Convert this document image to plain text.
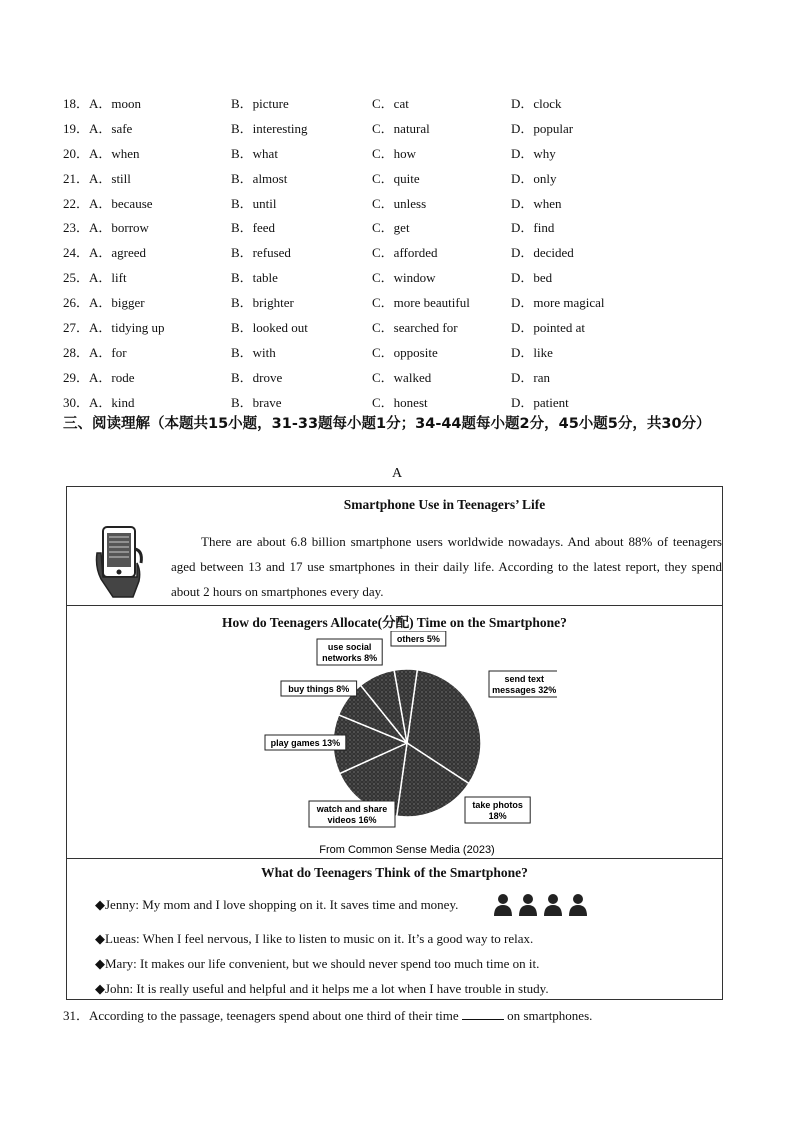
18．A．moon	B．picture	C．cat	D．clock
19．A．safe	B．interesting	C．natural	D．popular
20．A．when	B．what	C．how	D．why
21．A．still	B．almost	C．quite	D．only
22．A．because	B．until	C．unless	D．when
23．A．borrow	B．feed	C．get	D．find
24．A．agreed	B．refused	C．afforded	D．decided
25．A．lift	B．table	C．window	D．bed
26．A．bigger	B．brighter	C．more beautiful	D．more magical
27．A．tidying up	B．looked out	C．searched for	D．pointed at
28．A．for	B．with	C．opposite	D．like
29．A．rode	B．drove	C．walked	D．ran
30．A．kind	B．brave	C．honest	D．patient
三、阅读理解（本题共15小题，31-33题每小题1分；34-44题每小题2分，45小题5分，共30分）
A
Smartphone Use in Teenagers’ Life
There are about 6.8 billion smartphone users worldwide nowadays. And about 88% of teenagers aged between 13 and 17 use smartphones in their daily life. According to the latest report, they spend about 2 hours on smartphones every day.
How do Teenagers Allocate(分配) Time on the Smartphone?
send text
messages 32%
take photos
18%
watch and share
videos 16%
play games 13%
buy things 8%
use social
networks 8%
others 5%
From Common Sense Media (2023)
What do Teenagers Think of the Smartphone?
◆Jenny: My mom and I love shopping on it. It saves time and money.
◆Lueas: When I feel nervous, I like to listen to music on it. It’s a good way to relax.
◆Mary: It makes our life convenient, but we should never spend too much time on it.
◆John: It is really useful and helpful and it helps me a lot when I have trouble in study.
31．According to the passage, teenagers spend about one third of their time	on smartphones.
